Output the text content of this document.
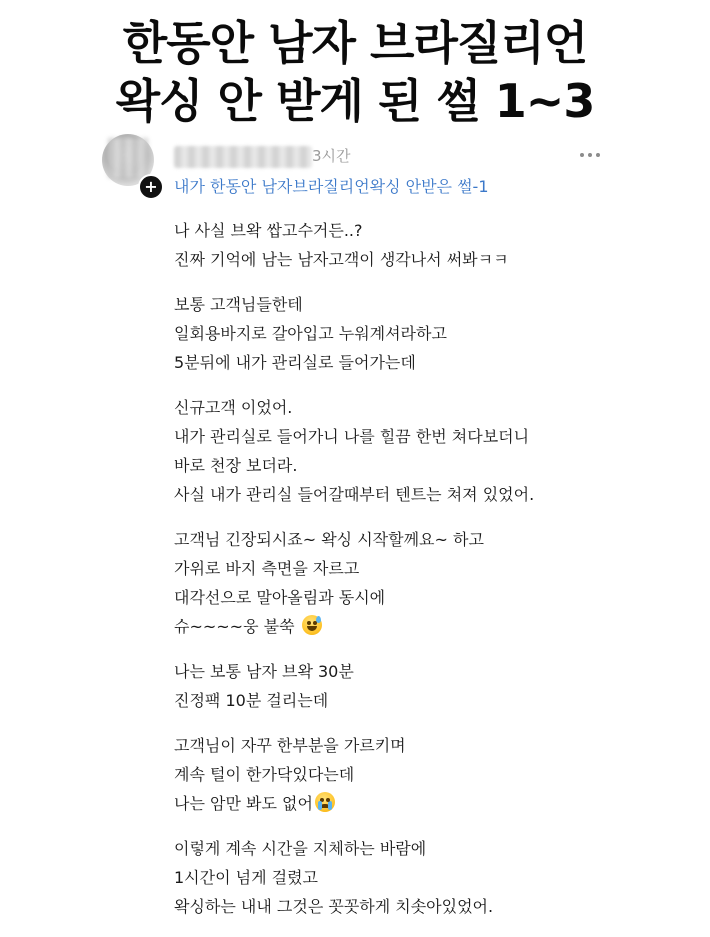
한동안 남자 브라질리언
왁싱 안 받게 된 썰 1~3
+
3시간
내가 한동안 남자브라질리언왁싱 안받은 썰-1

나 사실 브왁 쌉고수거든..?
진짜 기억에 남는 남자고객이 생각나서 써봐ㅋㅋ

보통 고객님들한테
일회용바지로 갈아입고 누워계셔라하고
5분뒤에 내가 관리실로 들어가는데

신규고객 이었어.
내가 관리실로 들어가니 나를 힐끔 한번 쳐다보더니
바로 천장 보더라.
사실 내가 관리실 들어갈때부터 텐트는 쳐져 있었어.

고객님 긴장되시죠~ 왁싱 시작할께요~ 하고
가위로 바지 측면을 자르고
대각선으로 말아올림과 동시에
슈~~~~웅 불쑥

나는 보통 남자 브왁 30분
진정팩 10분 걸리는데

고객님이 자꾸 한부분을 가르키며
계속 털이 한가닥있다는데
나는 암만 봐도 없어

이렇게 계속 시간을 지체하는 바람에
1시간이 넘게 걸렸고
왁싱하는 내내 그것은 꼿꼿하게 치솟아있었어.
